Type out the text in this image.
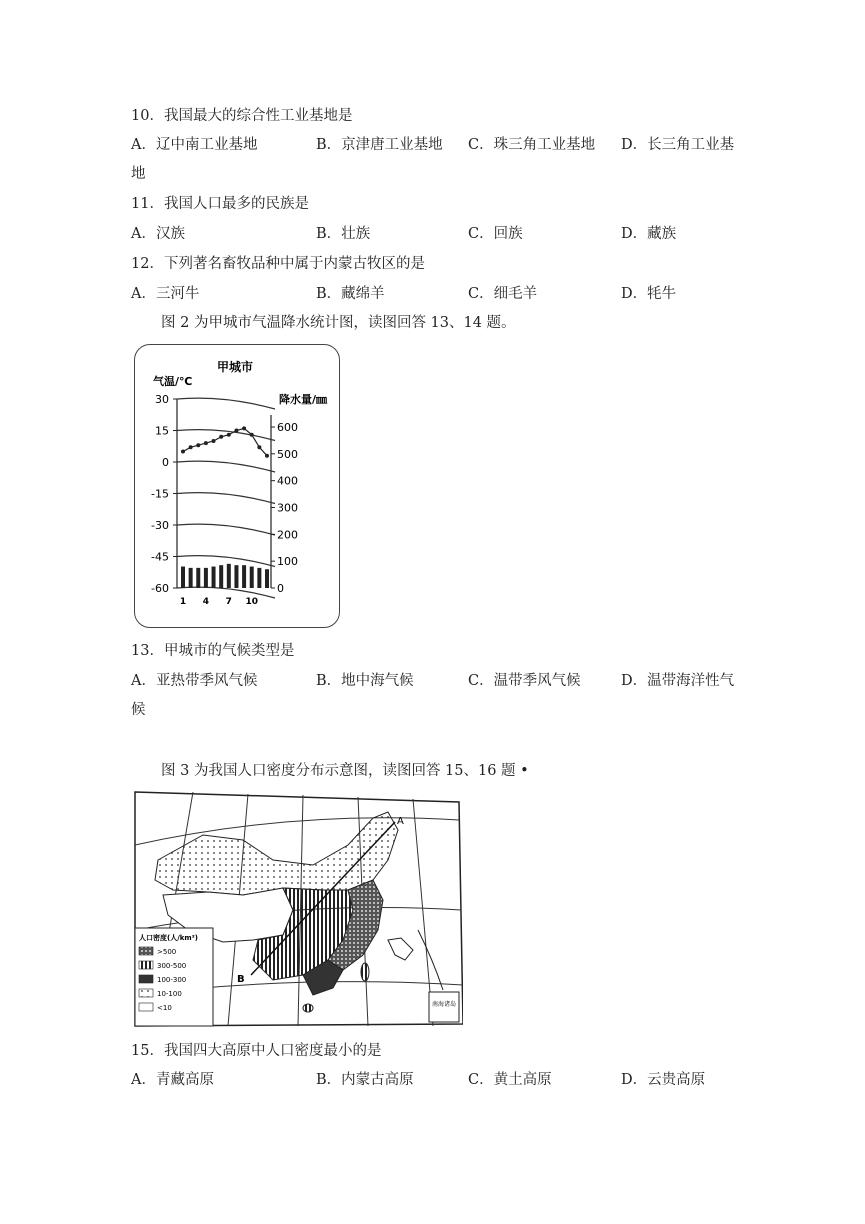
10．我国最大的综合性工业基地是
A．辽中南工业基地	B．京津唐工业基地 C．珠三角工业基地 D．长三角工业基
地
11．我国人口最多的民族是
A．汉族	B．壮族	C．回族	D．藏族
12．下列著名畜牧品种中属于内蒙古牧区的是
A．三河牛	B．藏绵羊	C．细毛羊	D．牦牛
图 2 为甲城市气温降水统计图，读图回答 13、14 题。
甲城市
气温/℃
降水量/㎜
30
15
0
-15
-30
-45
-60
600
500
400
300
200
100
0
1 4 7 10
13．甲城市的气候类型是
A．亚热带季风气候	B．地中海气候	C．温带季风气候	D．温带海洋性气
候
图 3 为我国人口密度分布示意图，读图回答 15、16 题 •
A
B
南海诸岛
人口密度(人/km²)
>500
300-500
100-300
10-100
<10
15．我国四大高原中人口密度最小的是
A．青藏高原	B．内蒙古高原	C．黄土高原	D．云贵高原
